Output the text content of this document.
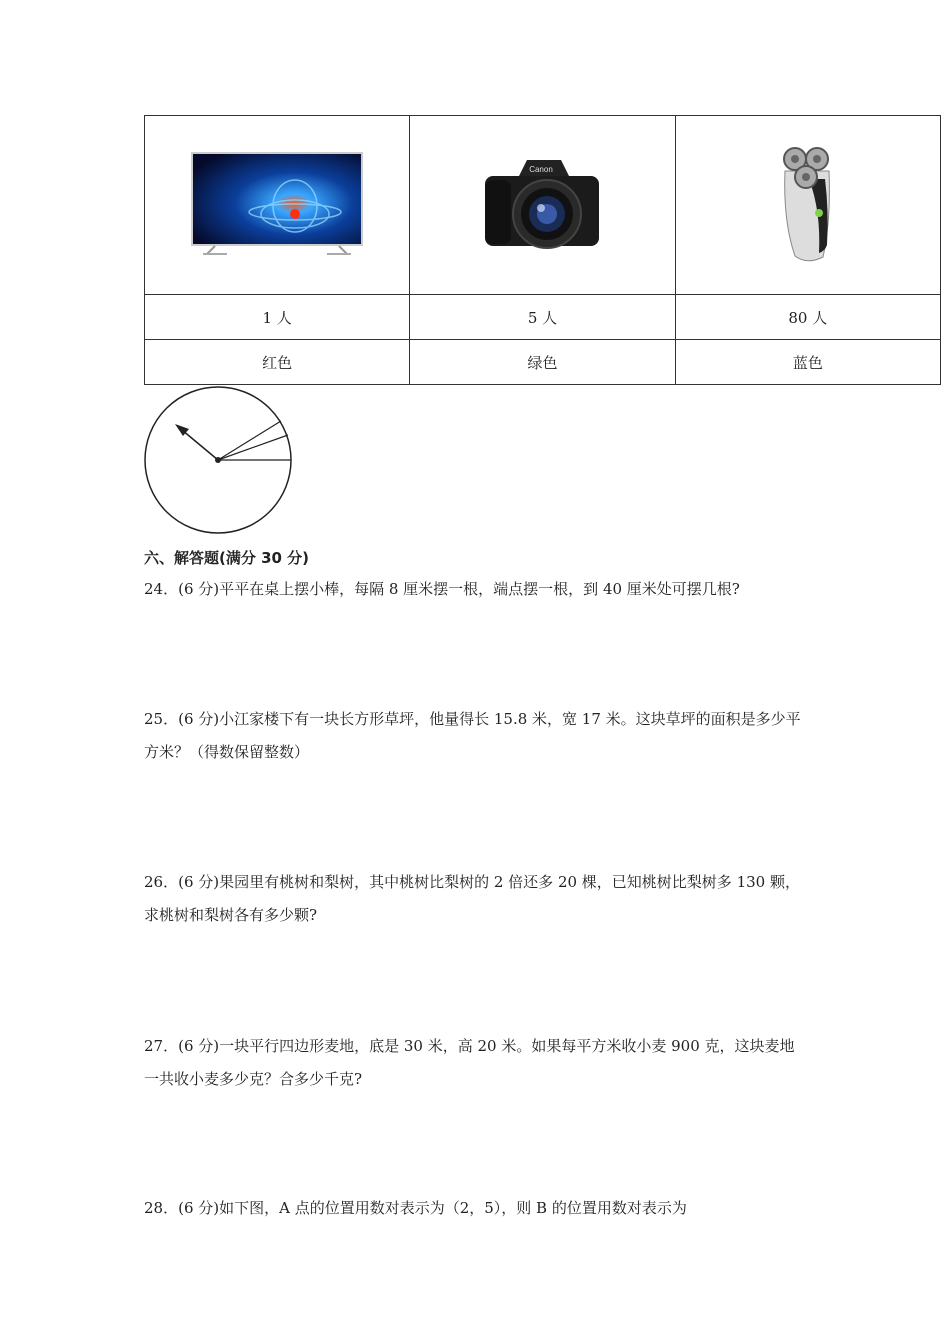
Canon

1 人	5 人	80 人
红色	绿色	蓝色
六、解答题(满分 30 分)
24．(6 分)平平在桌上摆小棒，每隔 8 厘米摆一根，端点摆一根，到 40 厘米处可摆几根?
25．(6 分)小江家楼下有一块长方形草坪，他量得长 15.8 米，宽 17 米。这块草坪的面积是多少平方米？（得数保留整数）
26．(6 分)果园里有桃树和梨树，其中桃树比梨树的 2 倍还多 20 棵，已知桃树比梨树多 130 颗，求桃树和梨树各有多少颗?
27．(6 分)一块平行四边形麦地，底是 30 米，高 20 米。如果每平方米收小麦 900 克，这块麦地一共收小麦多少克？合多少千克?
28．(6 分)如下图，A 点的位置用数对表示为（2，5），则 B 的位置用数对表示为
